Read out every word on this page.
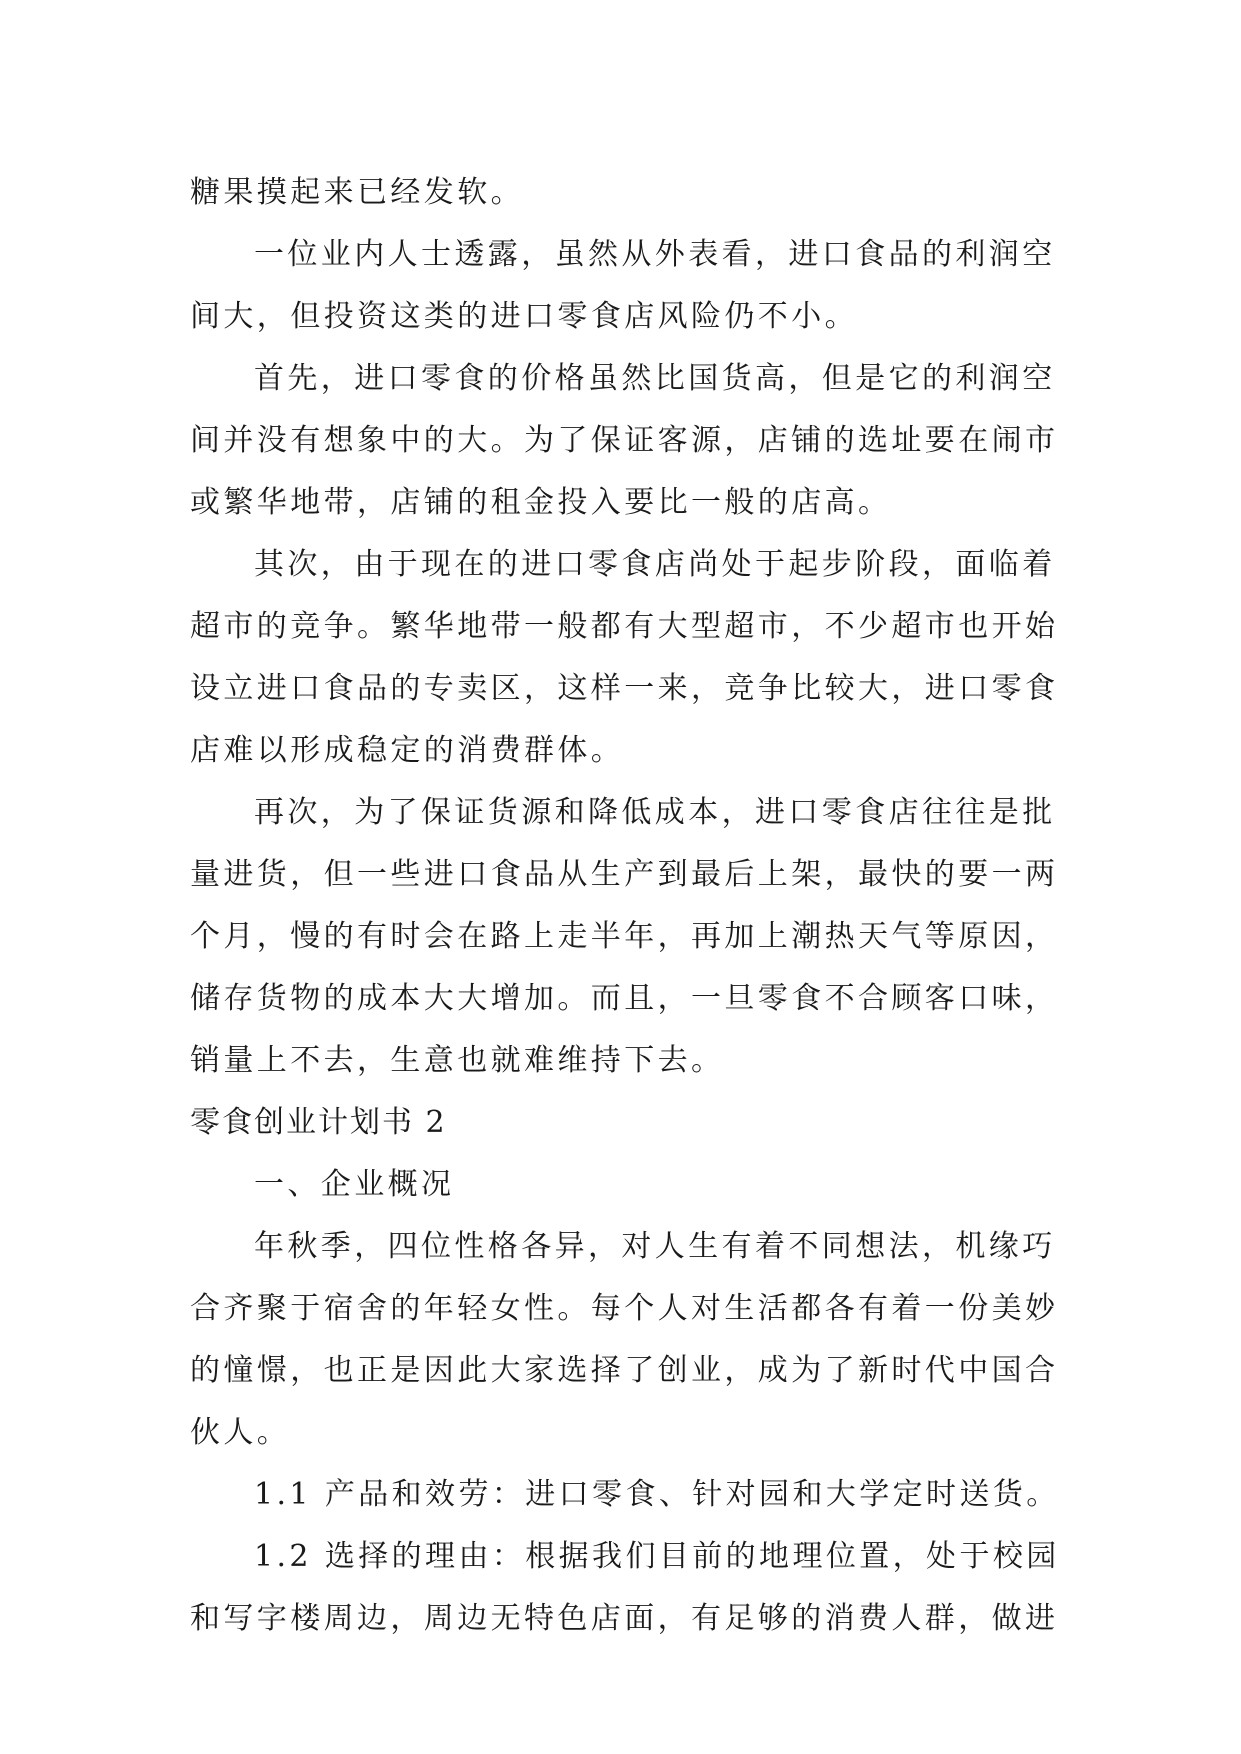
糖果摸起来已经发软。
一位业内人士透露，虽然从外表看，进口食品的利润空
间大，但投资这类的进口零食店风险仍不小。
首先，进口零食的价格虽然比国货高，但是它的利润空
间并没有想象中的大。为了保证客源，店铺的选址要在闹市
或繁华地带，店铺的租金投入要比一般的店高。
其次，由于现在的进口零食店尚处于起步阶段，面临着
超市的竞争。繁华地带一般都有大型超市，不少超市也开始
设立进口食品的专卖区，这样一来，竞争比较大，进口零食
店难以形成稳定的消费群体。
再次，为了保证货源和降低成本，进口零食店往往是批
量进货，但一些进口食品从生产到最后上架，最快的要一两
个月，慢的有时会在路上走半年，再加上潮热天气等原因，
储存货物的成本大大增加。而且，一旦零食不合顾客口味，
销量上不去，生意也就难维持下去。
零食创业计划书 2
一、企业概况
年秋季，四位性格各异，对人生有着不同想法，机缘巧
合齐聚于宿舍的年轻女性。每个人对生活都各有着一份美妙
的憧憬，也正是因此大家选择了创业，成为了新时代中国合
伙人。
1.1 产品和效劳：进口零食、针对园和大学定时送货。
1.2 选择的理由：根据我们目前的地理位置，处于校园
和写字楼周边，周边无特色店面，有足够的消费人群，做进
